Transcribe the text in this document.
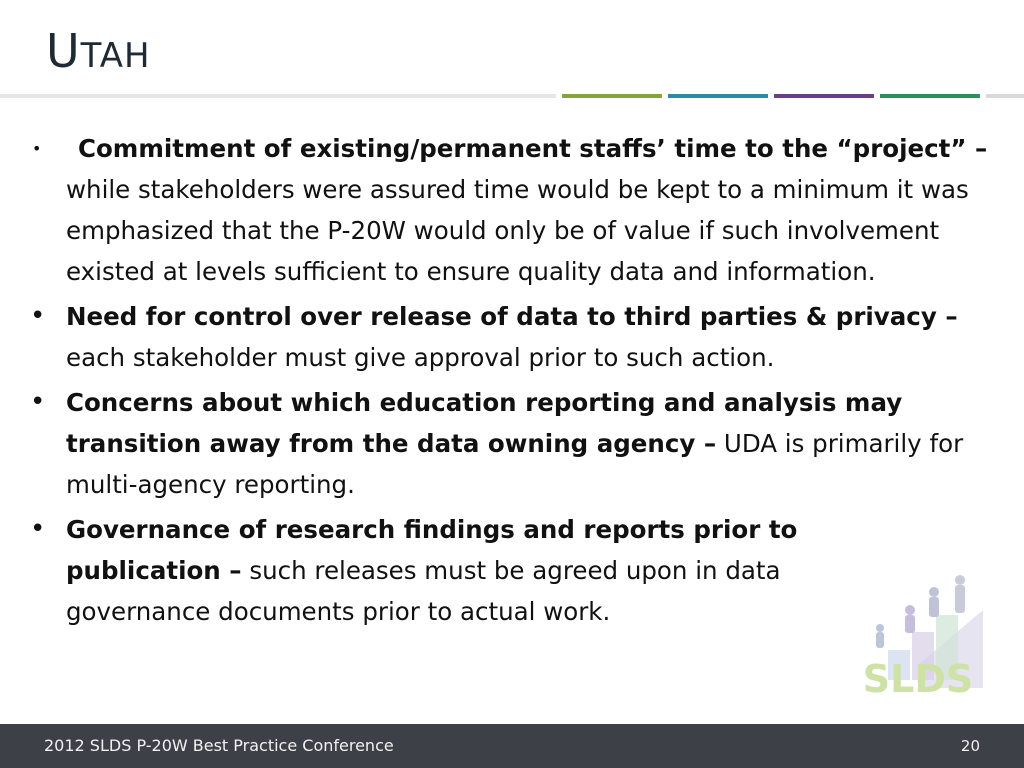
UTAH
• Commitment of existing/permanent staffs’ time to the “project” – while stakeholders were assured time would be kept to a minimum it was emphasized that the P-20W would only be of value if such involvement existed at levels sufficient to ensure quality data and information.
• Need for control over release of data to third parties & privacy – each stakeholder must give approval prior to such action.
• Concerns about which education reporting and analysis may transition away from the data owning agency – UDA is primarily for multi-agency reporting.
• Governance of research findings and reports prior to publication – such releases must be agreed upon in data governance documents prior to actual work.
SLDS
2012 SLDS P-20W Best Practice Conference	20
